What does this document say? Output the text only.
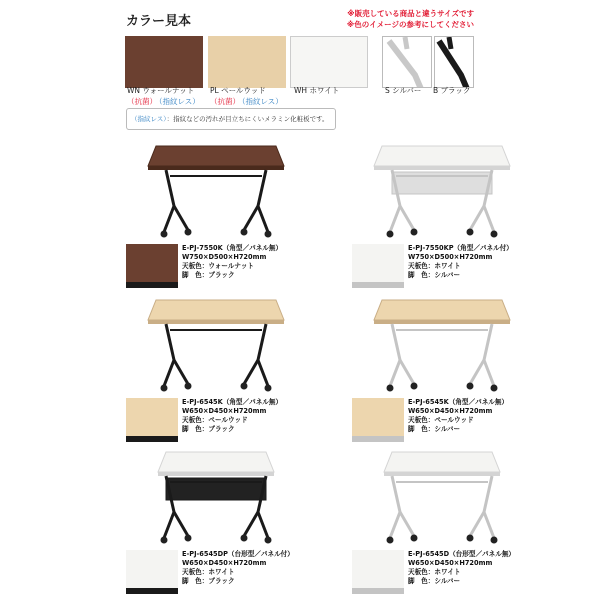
カラー見本
※販売している商品と違うサイズです
※色のイメージの参考にしてください
WN ウォールナット
（抗菌）
（指紋レス）
PL ペールウッド
（抗菌）
（指紋レス）
WH ホワイト	S シルバー B ブラック
（指紋レス）：指紋などの汚れが目立ちにくいメラミン化粧板です。
E-PJ-7550K（角型／パネル無）
W750×D500×H720mm
天板色：ウォールナット
脚　色：ブラック
E-PJ-7550KP（角型／パネル付）
W750×D500×H720mm
天板色：ホワイト
脚　色：シルバー
E-PJ-6545K（角型／パネル無）
W650×D450×H720mm
天板色：ペールウッド
脚　色：ブラック
E-PJ-6545K（角型／パネル無）
W650×D450×H720mm
天板色：ペールウッド
脚　色：シルバー
E-PJ-6545DP（台形型／パネル付）
W650×D450×H720mm
天板色：ホワイト
脚　色：ブラック
E-PJ-6545D（台形型／パネル無）
W650×D450×H720mm
天板色：ホワイト
脚　色：シルバー
